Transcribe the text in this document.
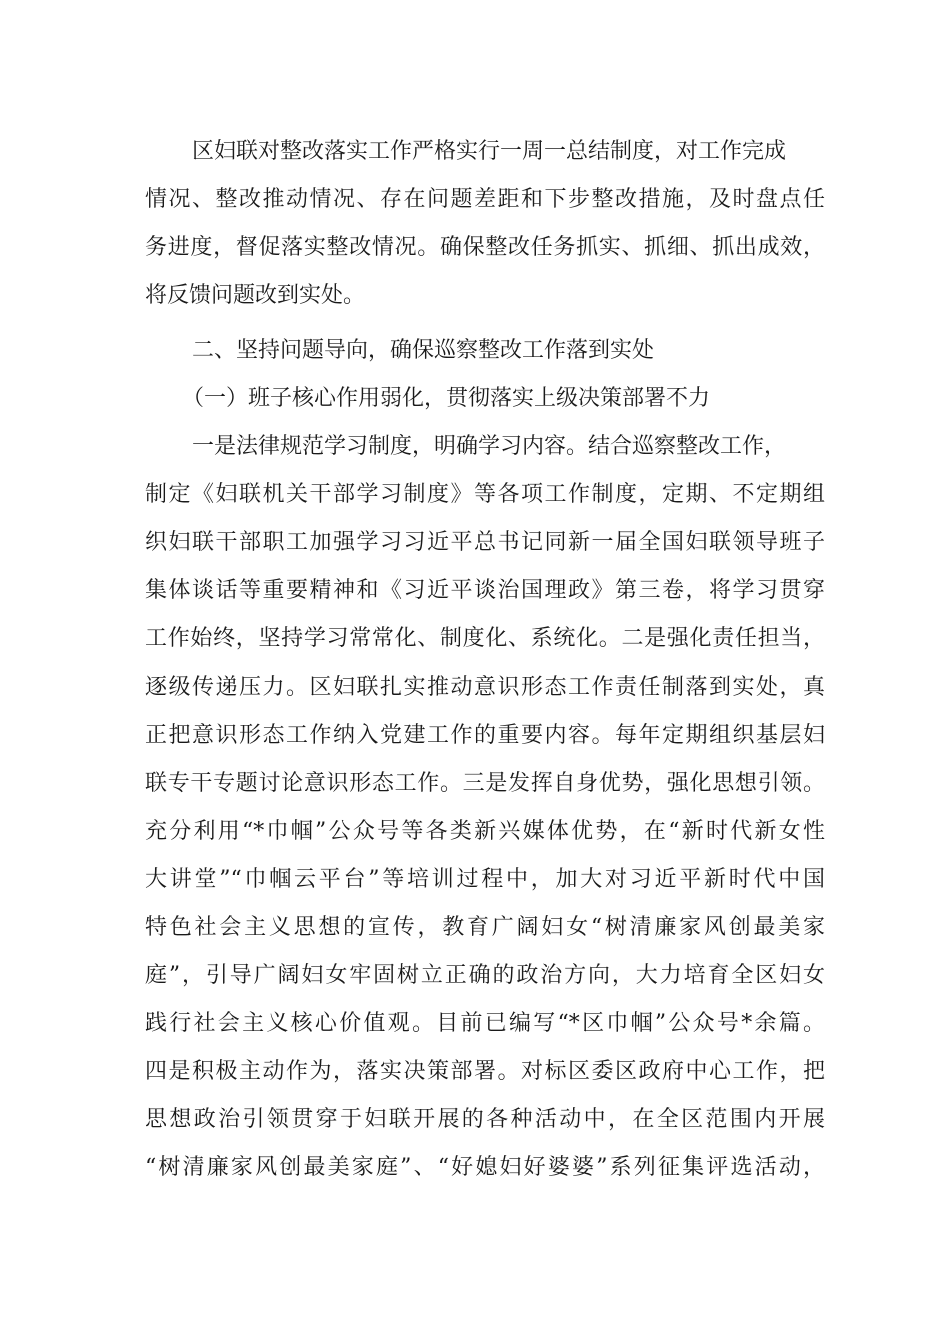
区妇联对整改落实工作严格实行一周一总结制度，对工作完成
情况、整改推动情况、存在问题差距和下步整改措施，及时盘点任
务进度，督促落实整改情况。确保整改任务抓实、抓细、抓出成效，
将反馈问题改到实处。
二、坚持问题导向，确保巡察整改工作落到实处
（一）班子核心作用弱化，贯彻落实上级决策部署不力
一是法律规范学习制度，明确学习内容。结合巡察整改工作，
制定《妇联机关干部学习制度》等各项工作制度，定期、不定期组
织妇联干部职工加强学习习近平总书记同新一届全国妇联领导班子
集体谈话等重要精神和《习近平谈治国理政》第三卷，将学习贯穿
工作始终，坚持学习常常化、制度化、系统化。二是强化责任担当，
逐级传递压力。区妇联扎实推动意识形态工作责任制落到实处，真
正把意识形态工作纳入党建工作的重要内容。每年定期组织基层妇
联专干专题讨论意识形态工作。三是发挥自身优势，强化思想引领。
充分利用“*巾帼”公众号等各类新兴媒体优势，在“新时代新女性
大讲堂”“巾帼云平台”等培训过程中，加大对习近平新时代中国
特色社会主义思想的宣传，教育广阔妇女“树清廉家风创最美家
庭”，引导广阔妇女牢固树立正确的政治方向，大力培育全区妇女
践行社会主义核心价值观。目前已编写“*区巾帼”公众号*余篇。
四是积极主动作为，落实决策部署。对标区委区政府中心工作，把
思想政治引领贯穿于妇联开展的各种活动中，在全区范围内开展
“树清廉家风创最美家庭”、“好媳妇好婆婆”系列征集评选活动，
